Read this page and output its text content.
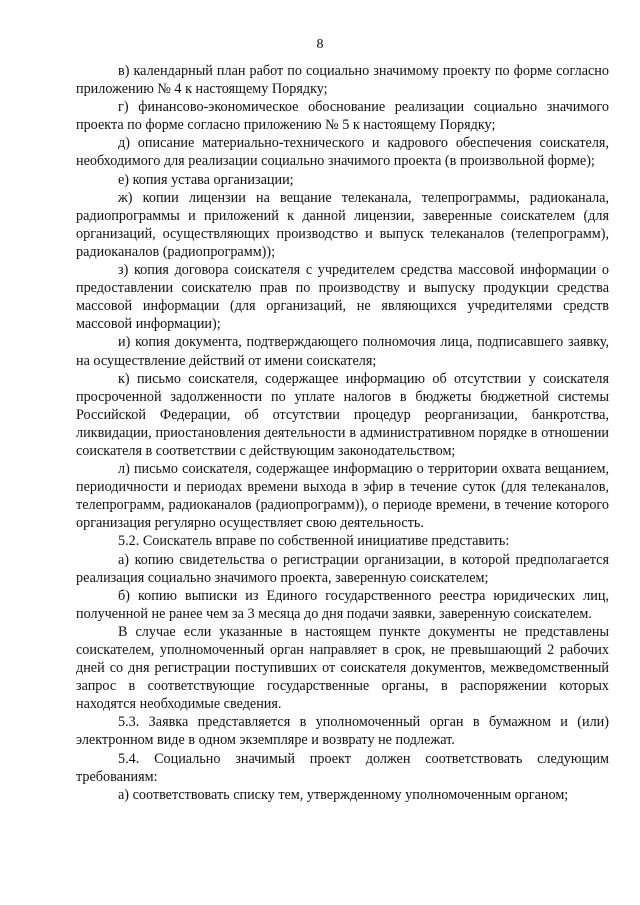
8

в) календарный план работ по социально значимому проекту по форме согласно приложению № 4 к настоящему Порядку;

г) финансово-экономическое обоснование реализации социально значимого проекта по форме согласно приложению № 5 к настоящему Порядку;

д) описание материально-технического и кадрового обеспечения соискателя, необходимого для реализации социально значимого проекта (в произвольной форме);

е) копия устава организации;

ж) копии лицензии на вещание телеканала, телепрограммы, радиоканала, радиопрограммы и приложений к данной лицензии, заверенные соискателем (для организаций, осуществляющих производство и выпуск телеканалов (телепрограмм), радиоканалов (радиопрограмм));

з) копия договора соискателя с учредителем средства массовой информации о предоставлении соискателю прав по производству и выпуску продукции средства массовой информации (для организаций, не являющихся учредителями средств массовой информации);

и) копия документа, подтверждающего полномочия лица, подписавшего заявку, на осуществление действий от имени соискателя;

к) письмо соискателя, содержащее информацию об отсутствии у соискателя просроченной задолженности по уплате налогов в бюджеты бюджетной системы Российской Федерации, об отсутствии процедур реорганизации, банкротства, ликвидации, приостановления деятельности в административном порядке в отношении соискателя в соответствии с действующим законодательством;

л) письмо соискателя, содержащее информацию о территории охвата вещанием, периодичности и периодах времени выхода в эфир в течение суток (для телеканалов, телепрограмм, радиоканалов (радиопрограмм)), о периоде времени, в течение которого организация регулярно осуществляет свою деятельность.

5.2. Соискатель вправе по собственной инициативе представить:

а) копию свидетельства о регистрации организации, в которой предполагается реализация социально значимого проекта, заверенную соискателем;

б) копию выписки из Единого государственного реестра юридических лиц, полученной не ранее чем за 3 месяца до дня подачи заявки, заверенную соискателем.

В случае если указанные в настоящем пункте документы не представлены соискателем, уполномоченный орган направляет в срок, не превышающий 2 рабочих дней со дня регистрации поступивших от соискателя документов, межведомственный запрос в соответствующие государственные органы, в распоряжении которых находятся необходимые сведения.

5.3. Заявка представляется в уполномоченный орган в бумажном и (или) электронном виде в одном экземпляре и возврату не подлежат.

5.4. Социально значимый проект должен соответствовать следующим требованиям:

а) соответствовать списку тем, утвержденному уполномоченным органом;
